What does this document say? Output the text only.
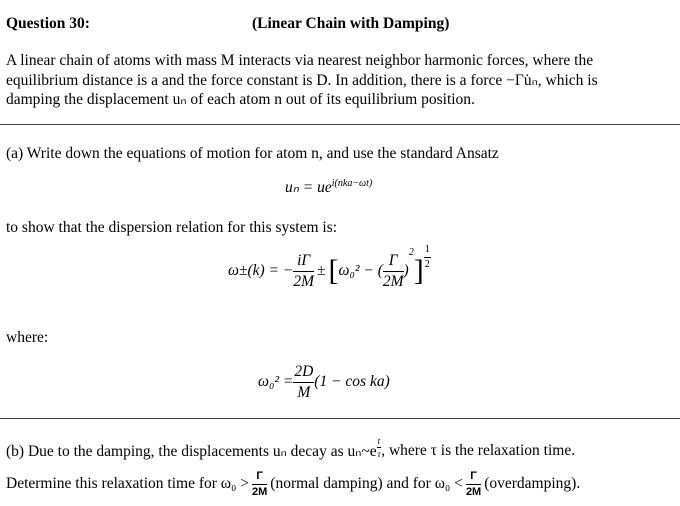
Question 30:	(Linear Chain with Damping)
A linear chain of atoms with mass M interacts via nearest neighbor harmonic forces, where the
equilibrium distance is a and the force constant is D. In addition, there is a force −Γu̇ₙ, which is
damping the displacement uₙ of each atom n out of its equilibrium position.
(a) Write down the equations of motion for atom n, and use the standard Ansatz
$u_n = ue^{i(nka-\omega t)}$
to show that the dispersion relation for this system is:
ω±(k) = − $\frac{i\Gamma}{2M}$ ± [ ω₀² − ( $\frac{\Gamma}{2M}$ )
2
] $\frac{1}{2}$
where:
$\omega_0^2 = \frac{2D}{M} (1 - \cos ka)$
(b) Due to the damping, the displacements uₙ decay as uₙ~e $\frac{t}{\tau}$ , where τ is the relaxation time.
Determine this relaxation time for $\omega_0 > \frac{\Gamma}{2M}$ (normal damping) and for $\omega_0 < \frac{\Gamma}{2M}$ (overdamping).
